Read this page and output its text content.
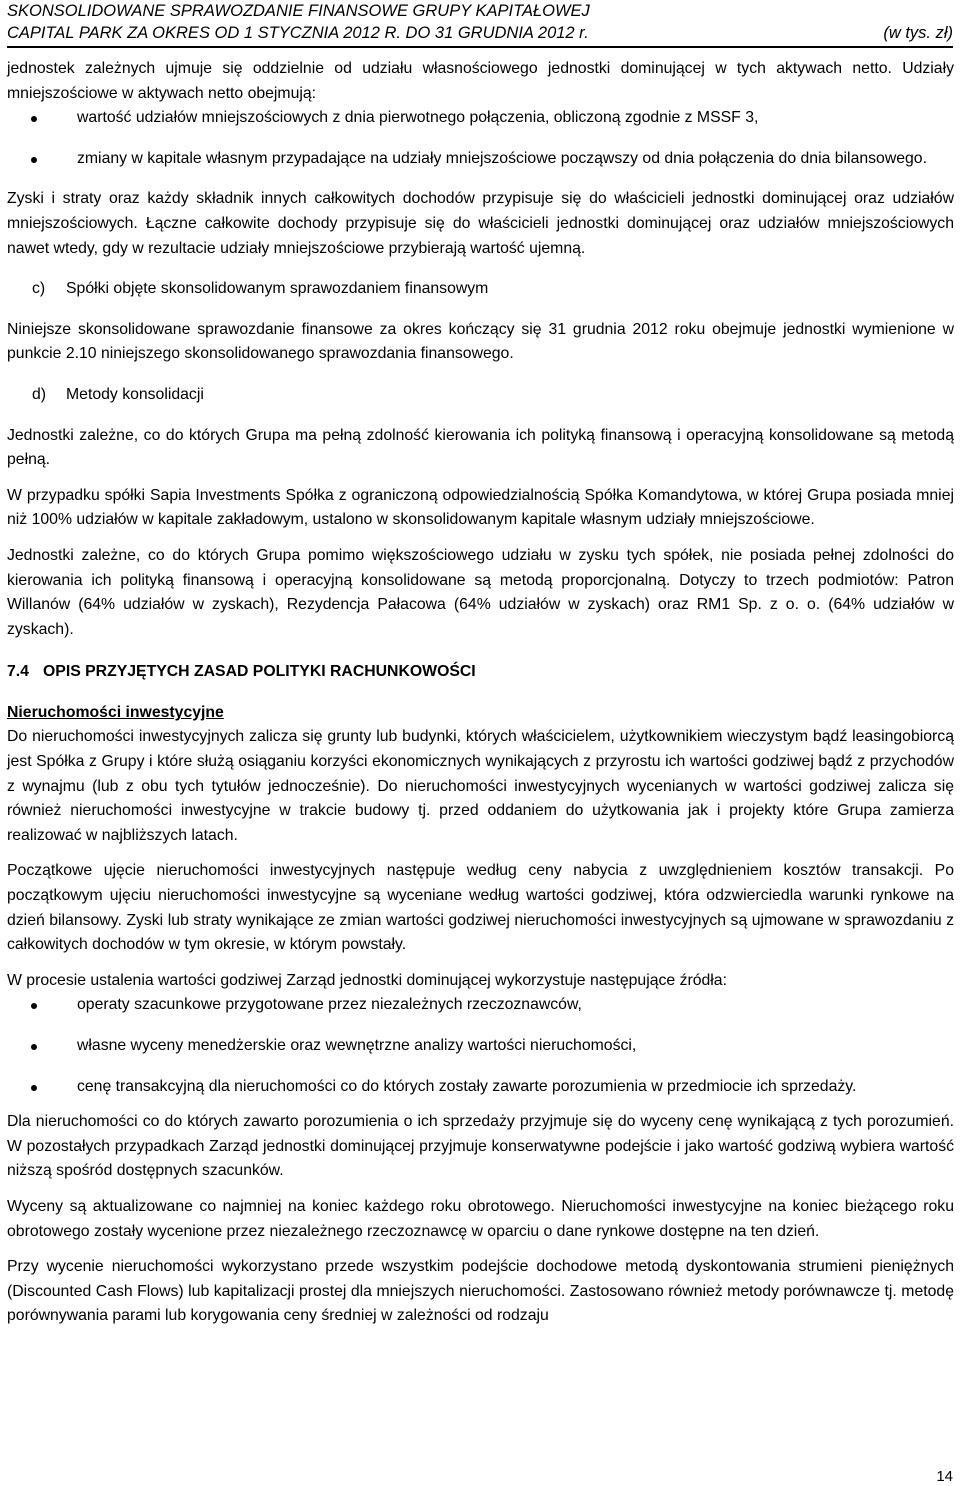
SKONSOLIDOWANE SPRAWOZDANIE FINANSOWE GRUPY KAPITAŁOWEJ
CAPITAL PARK ZA OKRES OD 1 STYCZNIA 2012 R. DO 31 GRUDNIA 2012 r.	(w tys. zł)

jednostek zależnych ujmuje się oddzielnie od udziału własnościowego jednostki dominującej w tych aktywach netto. Udziały mniejszościowe w aktywach netto obejmują:

wartość udziałów mniejszościowych z dnia pierwotnego połączenia, obliczoną zgodnie z MSSF 3,
zmiany w kapitale własnym przypadające na udziały mniejszościowe począwszy od dnia połączenia do dnia bilansowego.

Zyski i straty oraz każdy składnik innych całkowitych dochodów przypisuje się do właścicieli jednostki dominującej oraz udziałów mniejszościowych. Łączne całkowite dochody przypisuje się do właścicieli jednostki dominującej oraz udziałów mniejszościowych nawet wtedy, gdy w rezultacie udziały mniejszościowe przybierają wartość ujemną.

c)	Spółki objęte skonsolidowanym sprawozdaniem finansowym

Niniejsze skonsolidowane sprawozdanie finansowe za okres kończący się 31 grudnia 2012 roku obejmuje jednostki wymienione w punkcie 2.10 niniejszego skonsolidowanego sprawozdania finansowego.

d)	Metody konsolidacji

Jednostki zależne, co do których Grupa ma pełną zdolność kierowania ich polityką finansową i operacyjną konsolidowane są metodą pełną.

W przypadku spółki Sapia Investments Spółka z ograniczoną odpowiedzialnością Spółka Komandytowa, w której Grupa posiada mniej niż 100% udziałów w kapitale zakładowym, ustalono w skonsolidowanym kapitale własnym udziały mniejszościowe.

Jednostki zależne, co do których Grupa pomimo większościowego udziału w zysku tych spółek, nie posiada pełnej zdolności do kierowania ich polityką finansową i operacyjną konsolidowane są metodą proporcjonalną. Dotyczy to trzech podmiotów: Patron Willanów (64% udziałów w zyskach), Rezydencja Pałacowa (64% udziałów w zyskach) oraz RM1 Sp. z o. o. (64% udziałów w zyskach).

7.4 OPIS PRZYJĘTYCH ZASAD POLITYKI RACHUNKOWOŚCI
Nieruchomości inwestycyjne

Do nieruchomości inwestycyjnych zalicza się grunty lub budynki, których właścicielem, użytkownikiem wieczystym bądź leasingobiorcą jest Spółka z Grupy i które służą osiąganiu korzyści ekonomicznych wynikających z przyrostu ich wartości godziwej bądź z przychodów z wynajmu (lub z obu tych tytułów jednocześnie). Do nieruchomości inwestycyjnych wycenianych w wartości godziwej zalicza się również nieruchomości inwestycyjne w trakcie budowy tj. przed oddaniem do użytkowania jak i projekty które Grupa zamierza realizować w najbliższych latach.

Początkowe ujęcie nieruchomości inwestycyjnych następuje według ceny nabycia z uwzględnieniem kosztów transakcji. Po początkowym ujęciu nieruchomości inwestycyjne są wyceniane według wartości godziwej, która odzwierciedla warunki rynkowe na dzień bilansowy. Zyski lub straty wynikające ze zmian wartości godziwej nieruchomości inwestycyjnych są ujmowane w sprawozdaniu z całkowitych dochodów w tym okresie, w którym powstały.

W procesie ustalenia wartości godziwej Zarząd jednostki dominującej wykorzystuje następujące źródła:

operaty szacunkowe przygotowane przez niezależnych rzeczoznawców,
własne wyceny menedżerskie oraz wewnętrzne analizy wartości nieruchomości,
cenę transakcyjną dla nieruchomości co do których zostały zawarte porozumienia w przedmiocie ich sprzedaży.

Dla nieruchomości co do których zawarto porozumienia o ich sprzedaży przyjmuje się do wyceny cenę wynikającą z tych porozumień. W pozostałych przypadkach Zarząd jednostki dominującej przyjmuje konserwatywne podejście i jako wartość godziwą wybiera wartość niższą spośród dostępnych szacunków.

Wyceny są aktualizowane co najmniej na koniec każdego roku obrotowego. Nieruchomości inwestycyjne na koniec bieżącego roku obrotowego zostały wycenione przez niezależnego rzeczoznawcę w oparciu o dane rynkowe dostępne na ten dzień.

Przy wycenie nieruchomości wykorzystano przede wszystkim podejście dochodowe metodą dyskontowania strumieni pieniężnych (Discounted Cash Flows) lub kapitalizacji prostej dla mniejszych nieruchomości. Zastosowano również metody porównawcze tj. metodę porównywania parami lub korygowania ceny średniej w zależności od rodzaju

14
